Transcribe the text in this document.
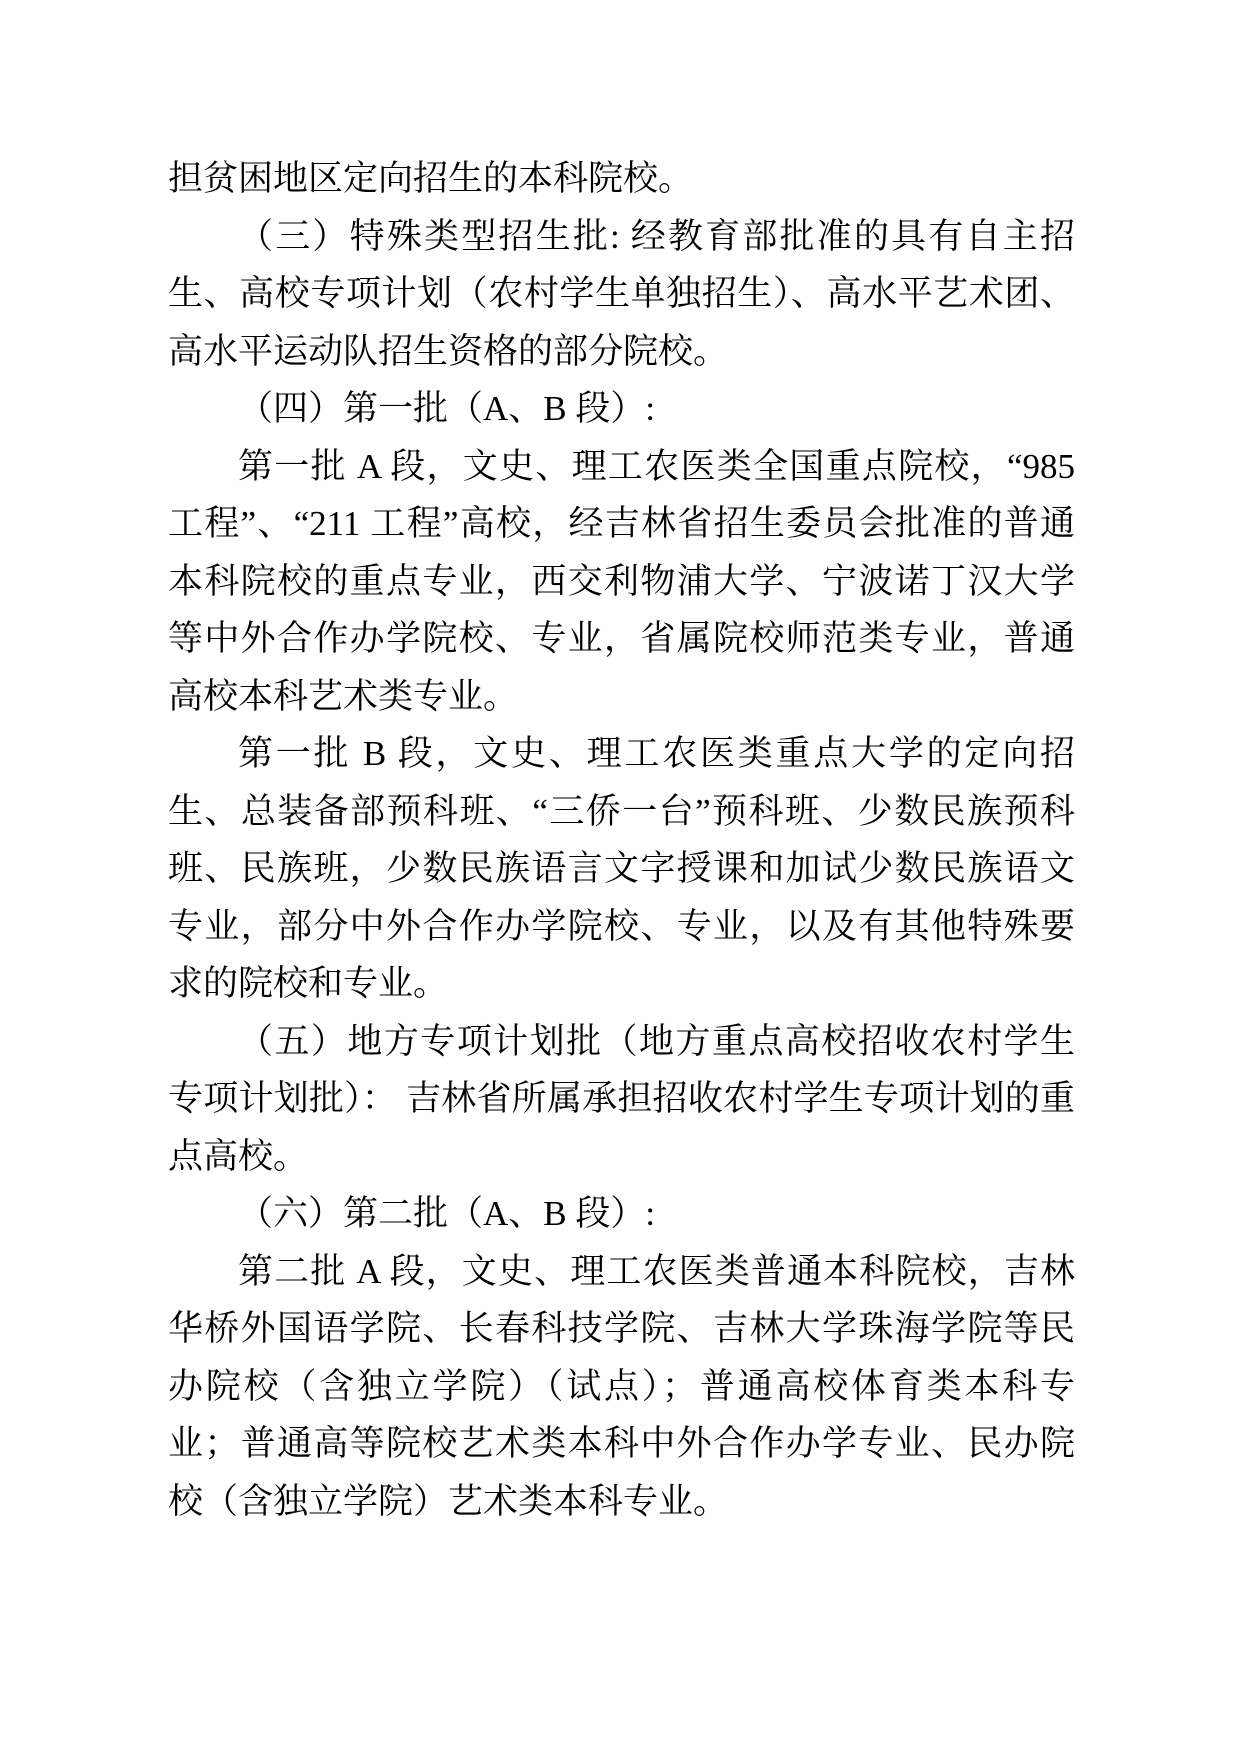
担贫困地区定向招生的本科院校。

（三）特殊类型招生批: 经教育部批准的具有自主招生、高校专项计划（农村学生单独招生）、高水平艺术团、高水平运动队招生资格的部分院校。

（四）第一批（A、B 段）:

第一批 A 段，文史、理工农医类全国重点院校，“985 工程”、“211 工程”高校，经吉林省招生委员会批准的普通本科院校的重点专业，西交利物浦大学、宁波诺丁汉大学等中外合作办学院校、专业，省属院校师范类专业，普通高校本科艺术类专业。

第一批 B 段，文史、理工农医类重点大学的定向招生、总装备部预科班、“三侨一台”预科班、少数民族预科班、民族班，少数民族语言文字授课和加试少数民族语文专业，部分中外合作办学院校、专业，以及有其他特殊要求的院校和专业。

（五）地方专项计划批（地方重点高校招收农村学生专项计划批）： 吉林省所属承担招收农村学生专项计划的重点高校。

（六）第二批（A、B 段）:

第二批 A 段，文史、理工农医类普通本科院校，吉林华桥外国语学院、长春科技学院、吉林大学珠海学院等民办院校（含独立学院）（试点）；普通高校体育类本科专业；普通高等院校艺术类本科中外合作办学专业、民办院校（含独立学院）艺术类本科专业。
